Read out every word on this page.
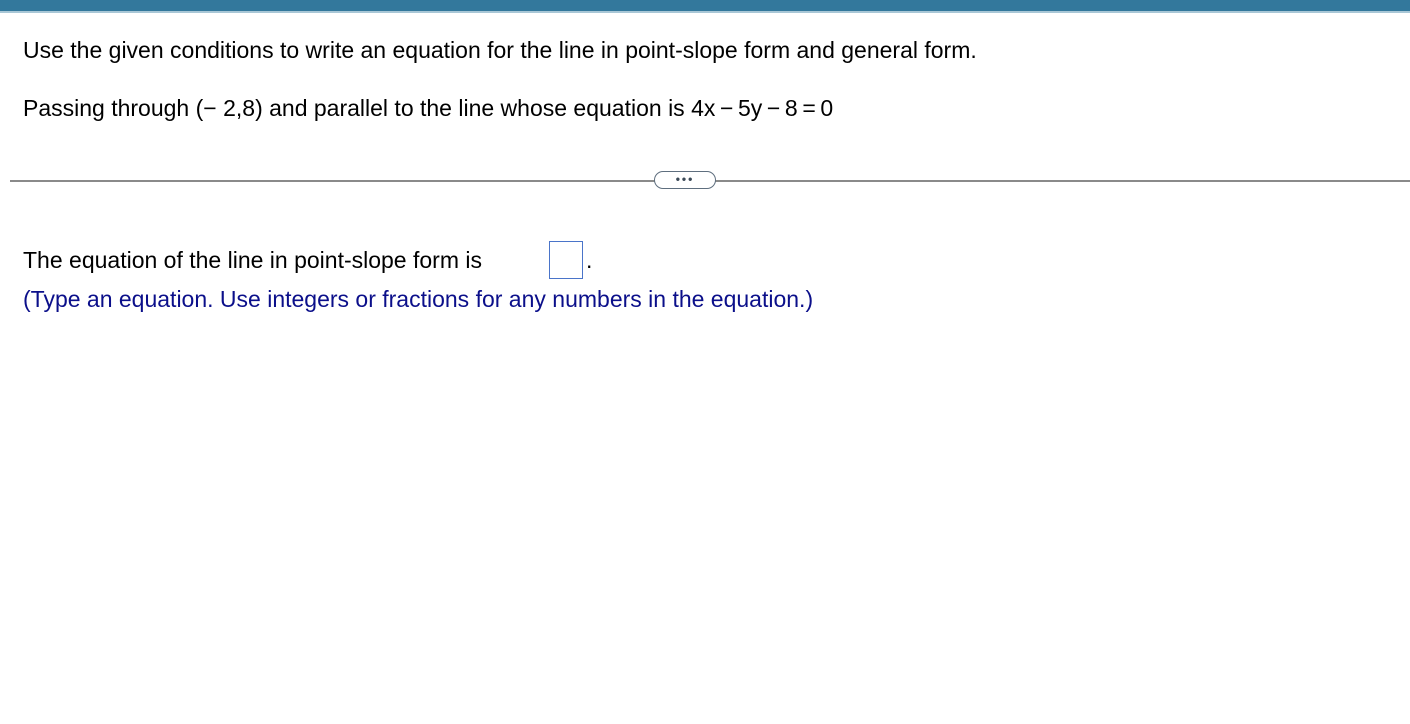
Use the given conditions to write an equation for the line in point-slope form and general form.
Passing through (− 2,8) and parallel to the line whose equation is 4x − 5y − 8 = 0
•••
The equation of the line in point-slope form is	.
(Type an equation. Use integers or fractions for any numbers in the equation.)
